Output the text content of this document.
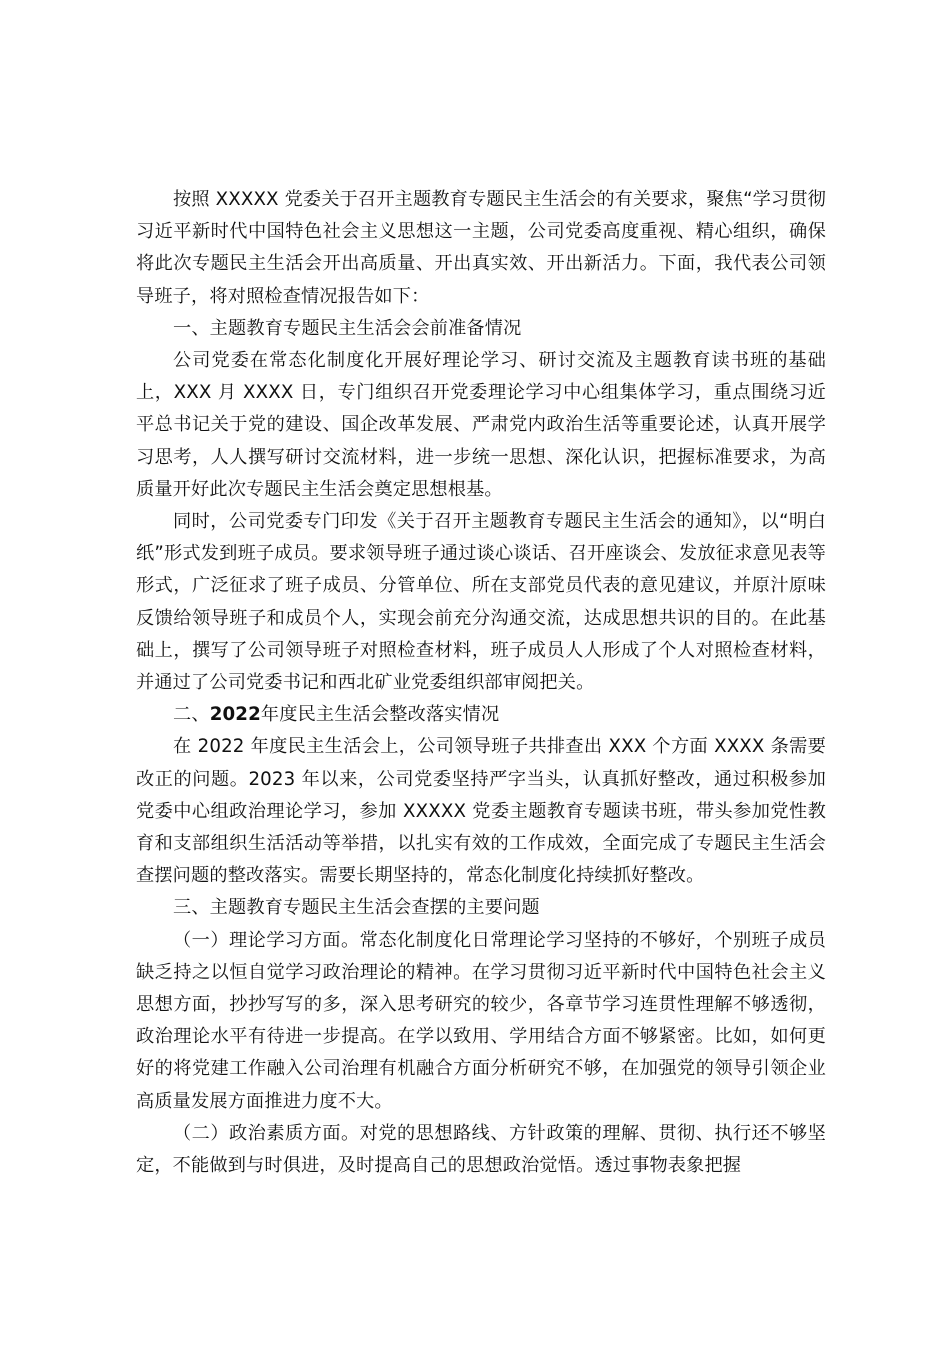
按照 XXXXX 党委关于召开主题教育专题民主生活会的有关要求，聚焦“学习贯彻习近平新时代中国特色社会主义思想这一主题，公司党委高度重视、精心组织，确保将此次专题民主生活会开出高质量、开出真实效、开出新活力。下面，我代表公司领导班子，将对照检查情况报告如下：

一、主题教育专题民主生活会会前准备情况

公司党委在常态化制度化开展好理论学习、研讨交流及主题教育读书班的基础上，XXX 月 XXXX 日，专门组织召开党委理论学习中心组集体学习，重点围绕习近平总书记关于党的建设、国企改革发展、严肃党内政治生活等重要论述，认真开展学习思考，人人撰写研讨交流材料，进一步统一思想、深化认识，把握标准要求，为高质量开好此次专题民主生活会奠定思想根基。

同时，公司党委专门印发《关于召开主题教育专题民主生活会的通知》，以“明白纸”形式发到班子成员。要求领导班子通过谈心谈话、召开座谈会、发放征求意见表等形式，广泛征求了班子成员、分管单位、所在支部党员代表的意见建议，并原汁原味反馈给领导班子和成员个人，实现会前充分沟通交流，达成思想共识的目的。在此基础上，撰写了公司领导班子对照检查材料，班子成员人人形成了个人对照检查材料，并通过了公司党委书记和西北矿业党委组织部审阅把关。

二、2022年度民主生活会整改落实情况

在 2022 年度民主生活会上，公司领导班子共排查出 XXX 个方面 XXXX 条需要改正的问题。2023 年以来，公司党委坚持严字当头，认真抓好整改，通过积极参加党委中心组政治理论学习，参加 XXXXX 党委主题教育专题读书班，带头参加党性教育和支部组织生活活动等举措，以扎实有效的工作成效，全面完成了专题民主生活会查摆问题的整改落实。需要长期坚持的，常态化制度化持续抓好整改。

三、主题教育专题民主生活会查摆的主要问题

（一）理论学习方面。常态化制度化日常理论学习坚持的不够好，个别班子成员缺乏持之以恒自觉学习政治理论的精神。在学习贯彻习近平新时代中国特色社会主义思想方面，抄抄写写的多，深入思考研究的较少，各章节学习连贯性理解不够透彻，政治理论水平有待进一步提高。在学以致用、学用结合方面不够紧密。比如，如何更好的将党建工作融入公司治理有机融合方面分析研究不够，在加强党的领导引领企业高质量发展方面推进力度不大。

（二）政治素质方面。对党的思想路线、方针政策的理解、贯彻、执行还不够坚定，不能做到与时俱进，及时提高自己的思想政治觉悟。透过事物表象把握
